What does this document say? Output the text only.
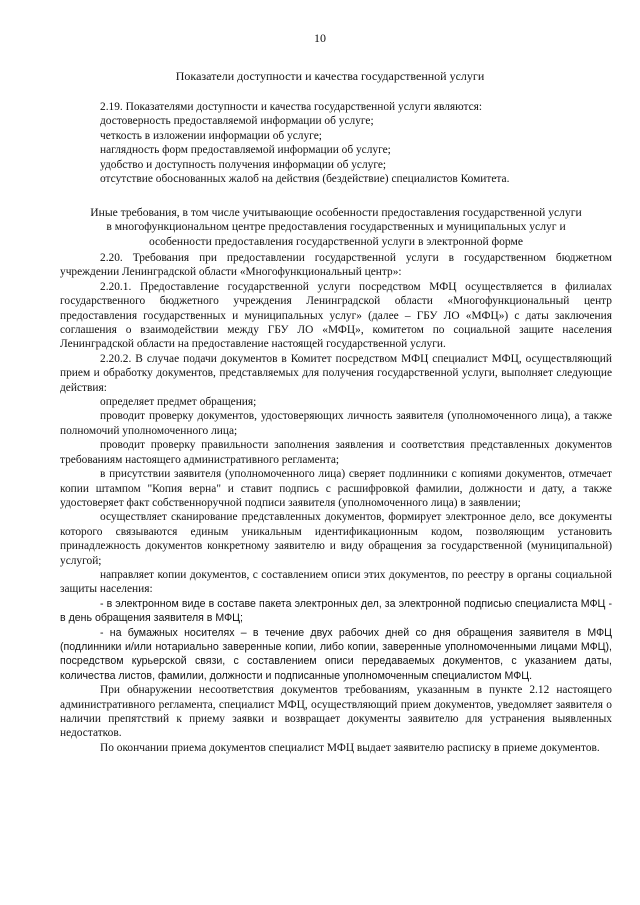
10
Показатели доступности и качества государственной услуги
2.19. Показателями доступности и качества государственной услуги являются:
достоверность предоставляемой информации об услуге;
четкость в изложении информации об услуге;
наглядность форм предоставляемой информации об услуге;
удобство и доступность получения информации об услуге;
отсутствие обоснованных жалоб на действия (бездействие) специалистов Комитета.
Иные требования, в том числе учитывающие особенности предоставления государственной услуги
в многофункциональном центре предоставления государственных и муниципальных услуг и
особенности предоставления государственной услуги в электронной форме
2.20. Требования при предоставлении государственной услуги в государственном бюджетном учреждении Ленинградской области «Многофункциональный центр»:
2.20.1. Предоставление государственной услуги посредством МФЦ осуществляется в филиалах государственного бюджетного учреждения Ленинградской области «Многофункциональный центр предоставления государственных и муниципальных услуг» (далее – ГБУ ЛО «МФЦ») с даты заключения соглашения о взаимодействии между ГБУ ЛО «МФЦ», комитетом по социальной защите населения Ленинградской области на предоставление настоящей государственной услуги.
2.20.2. В случае подачи документов в Комитет посредством МФЦ специалист МФЦ, осуществляющий прием и обработку документов, представляемых для получения государственной услуги, выполняет следующие действия:
определяет предмет обращения;
проводит проверку документов, удостоверяющих личность заявителя (уполномоченного лица), а также полномочий уполномоченного лица;
проводит проверку правильности заполнения заявления и соответствия представленных документов требованиям настоящего административного регламента;
в присутствии заявителя (уполномоченного лица) сверяет подлинники с копиями документов, отмечает копии штампом "Копия верна" и ставит подпись с расшифровкой фамилии, должности и дату, а также удостоверяет факт собственноручной подписи заявителя (уполномоченного лица) в заявлении;
осуществляет сканирование представленных документов, формирует электронное дело, все документы которого связываются единым уникальным идентификационным кодом, позволяющим установить принадлежность документов конкретному заявителю и виду обращения за государственной (муниципальной) услугой;
направляет копии документов, с составлением описи этих документов, по реестру в органы социальной защиты населения:
- в электронном виде в составе пакета электронных дел, за электронной подписью специалиста МФЦ - в день обращения заявителя в МФЦ;
- на бумажных носителях – в течение двух рабочих дней со дня обращения заявителя в МФЦ (подлинники и/или нотариально заверенные копии, либо копии, заверенные уполномоченными лицами МФЦ), посредством курьерской связи, с составлением описи передаваемых документов, с указанием даты, количества листов, фамилии, должности и подписанные уполномоченным специалистом МФЦ.
При обнаружении несоответствия документов требованиям, указанным в пункте 2.12 настоящего административного регламента, специалист МФЦ, осуществляющий прием документов, уведомляет заявителя о наличии препятствий к приему заявки и возвращает документы заявителю для устранения выявленных недостатков.
По окончании приема документов специалист МФЦ выдает заявителю расписку в приеме документов.
